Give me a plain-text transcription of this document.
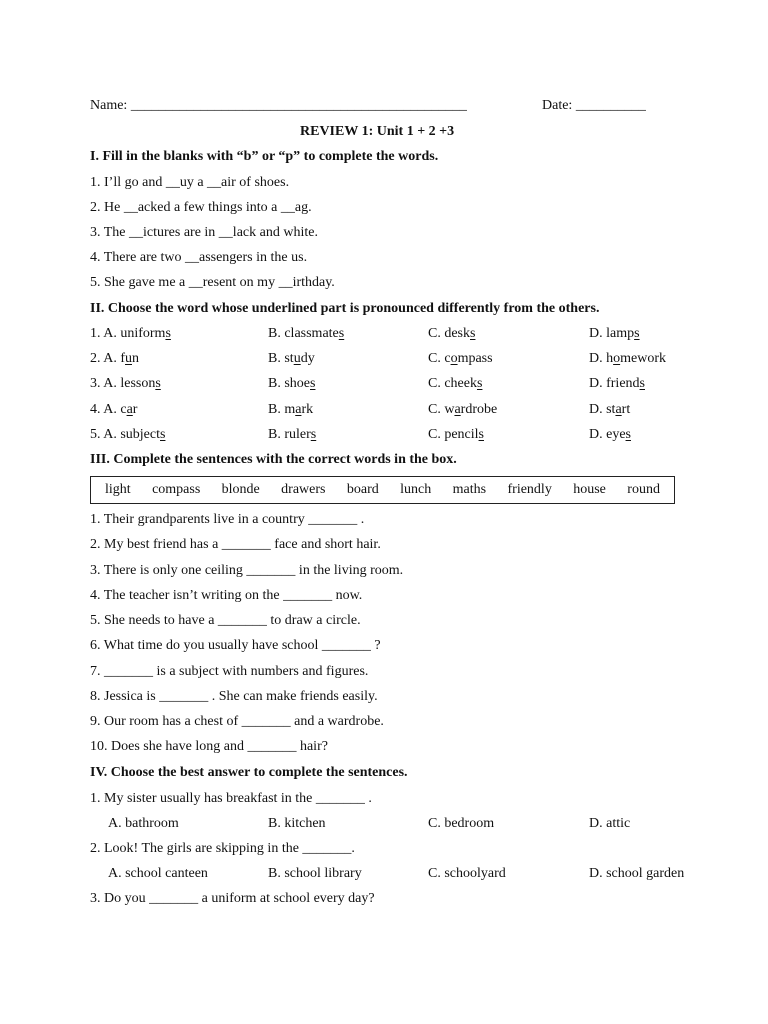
Name: ________________________________________________	Date: __________
REVIEW 1: Unit 1 + 2 +3
I. Fill in the blanks with “b” or “p” to complete the words.
1. I’ll go and __uy a __air of shoes.
2. He __acked a few things into a __ag.
3. The __ictures are in __lack and white.
4. There are two __assengers in the us.
5. She gave me a __resent on my __irthday.
II. Choose the word whose underlined part is pronounced differently from the others.
1. A. uniforms	B. classmates	C. desks	D. lamps
2. A. fun	B. study	C. compass	D. homework
3. A. lessons	B. shoes	C. cheeks	D. friends
4. A. car	B. mark	C. wardrobe	D. start
5. A. subjects	B. rulers	C. pencils	D. eyes
III. Complete the sentences with the correct words in the box.
light compass blonde drawers board lunch maths friendly house round
1. Their grandparents live in a country _______ .
2. My best friend has a _______ face and short hair.
3. There is only one ceiling _______ in the living room.
4. The teacher isn’t writing on the _______ now.
5. She needs to have a _______ to draw a circle.
6. What time do you usually have school _______ ?
7. _______ is a subject with numbers and figures.
8. Jessica is _______ . She can make friends easily.
9. Our room has a chest of _______ and a wardrobe.
10. Does she have long and _______ hair?
IV. Choose the best answer to complete the sentences.
1. My sister usually has breakfast in the _______ .
A. bathroom	B. kitchen	C. bedroom	D. attic
2. Look! The girls are skipping in the _______.
A. school canteen	B. school library	C. schoolyard	D. school garden
3. Do you _______ a uniform at school every day?
